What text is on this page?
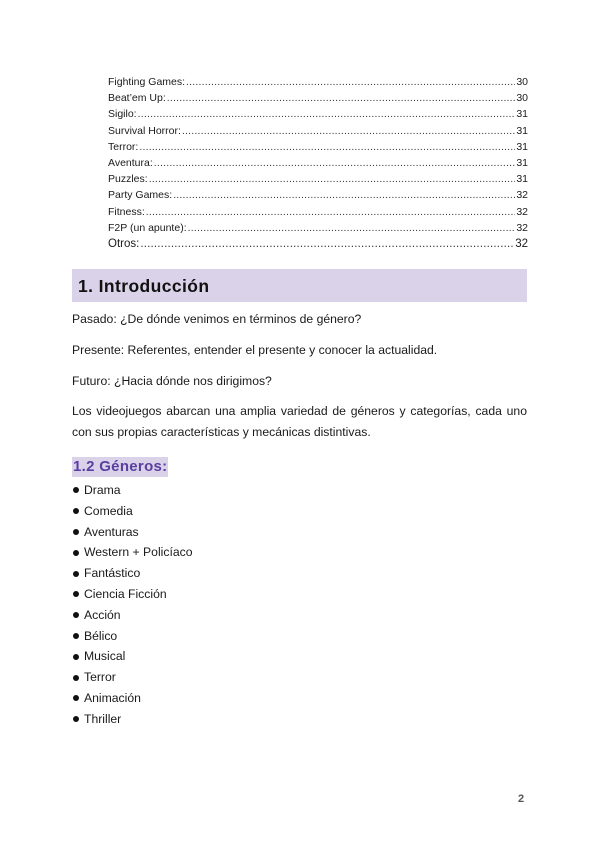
Fighting Games: .....	30
Beat’em Up: .....	30
Sigilo: .....	31
Survival Horror: .....	31
Terror: .....	31
Aventura: .....	31
Puzzles: .....	31
Party Games: .....	32
Fitness: .....	32
F2P (un apunte): .....	32
Otros: .....	32
1. Introducción
Pasado: ¿De dónde venimos en términos de género?
Presente: Referentes, entender el presente y conocer la actualidad.
Futuro: ¿Hacia dónde nos dirigimos?
Los videojuegos abarcan una amplia variedad de géneros y categorías, cada uno con sus propias características y mecánicas distintivas.
1.2 Géneros:
Drama
Comedia
Aventuras
Western + Policíaco
Fantástico
Ciencia Ficción
Acción
Bélico
Musical
Terror
Animación
Thriller
2
